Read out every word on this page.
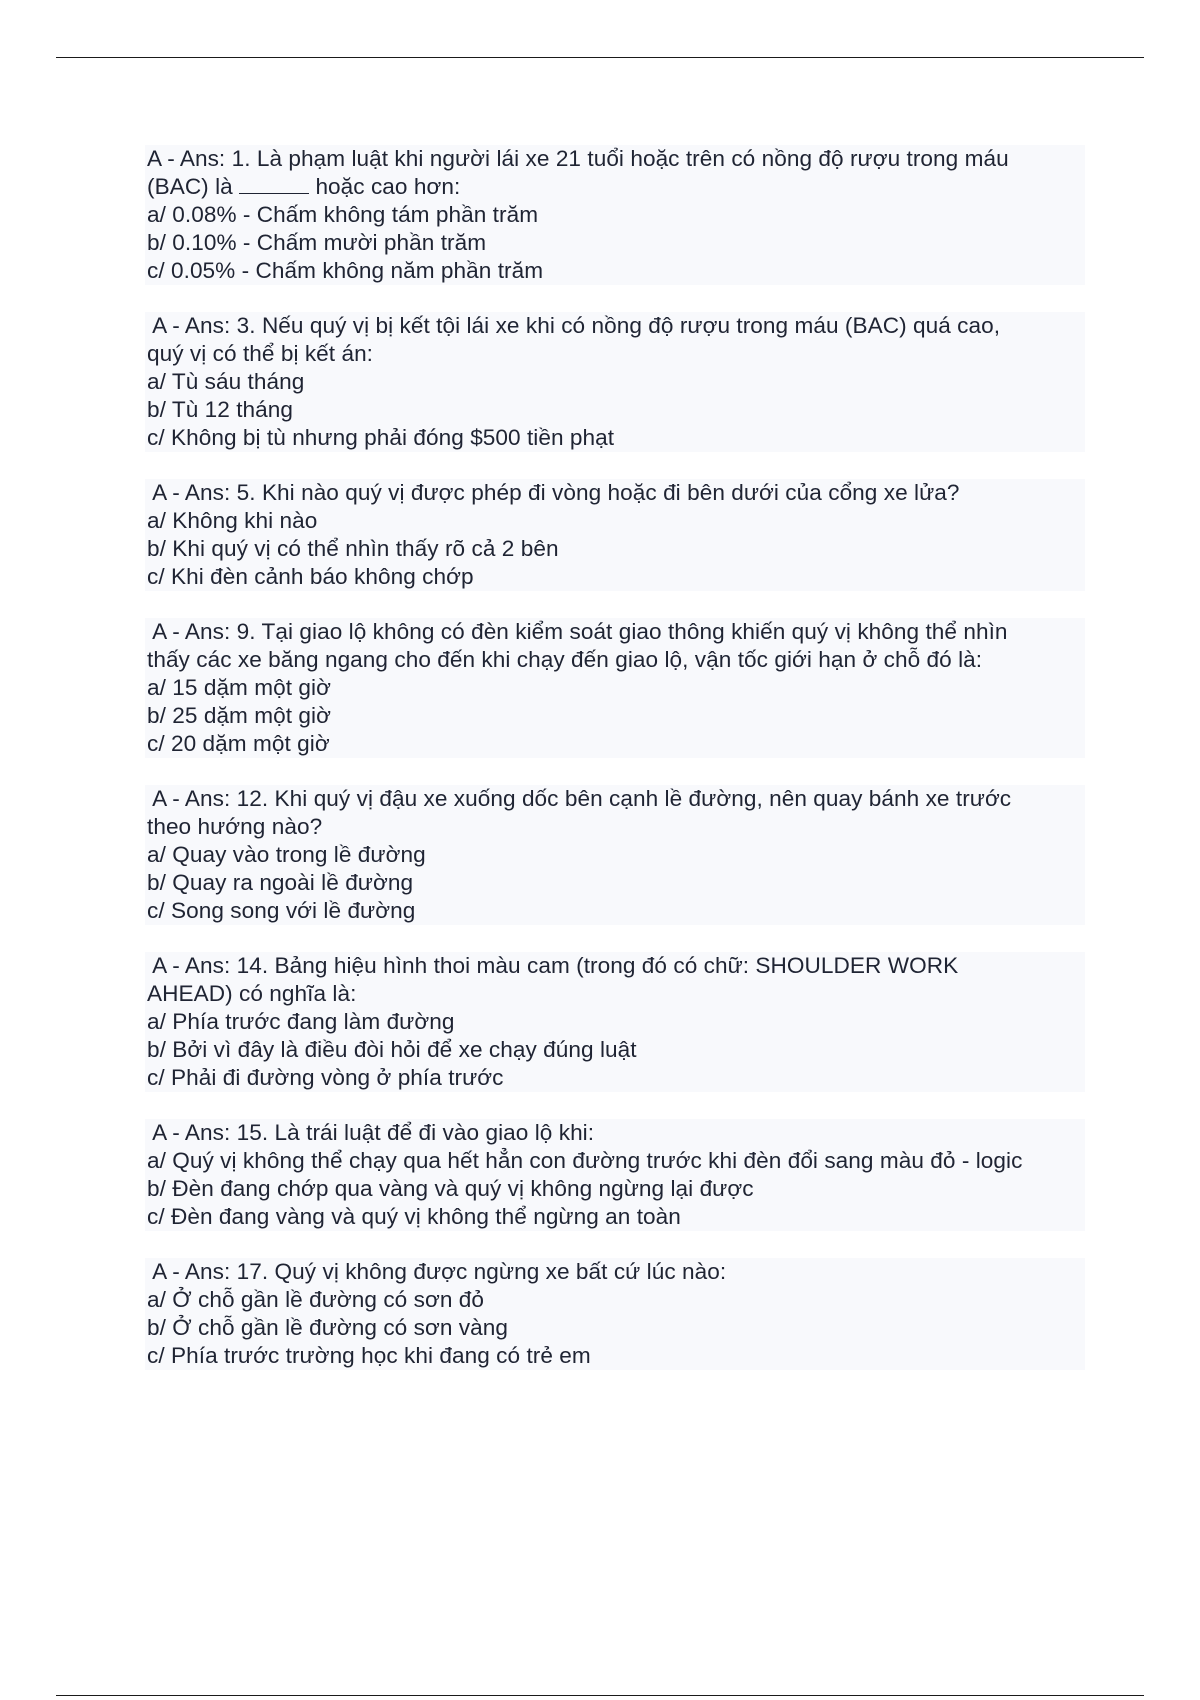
A - Ans: 1. Là phạm luật khi người lái xe 21 tuổi hoặc trên có nồng độ rượu trong máu
(BAC) là	hoặc cao hơn:
a/ 0.08% - Chấm không tám phần trăm
b/ 0.10% - Chấm mười phần trăm
c/ 0.05% - Chấm không năm phần trăm
A - Ans: 3. Nếu quý vị bị kết tội lái xe khi có nồng độ rượu trong máu (BAC) quá cao,
quý vị có thể bị kết án:
a/ Tù sáu tháng
b/ Tù 12 tháng
c/ Không bị tù nhưng phải đóng $500 tiền phạt
A - Ans: 5. Khi nào quý vị được phép đi vòng hoặc đi bên dưới của cổng xe lửa?
a/ Không khi nào
b/ Khi quý vị có thể nhìn thấy rõ cả 2 bên
c/ Khi đèn cảnh báo không chớp
A - Ans: 9. Tại giao lộ không có đèn kiểm soát giao thông khiến quý vị không thể nhìn
thấy các xe băng ngang cho đến khi chạy đến giao lộ, vận tốc giới hạn ở chỗ đó là:
a/ 15 dặm một giờ
b/ 25 dặm một giờ
c/ 20 dặm một giờ
A - Ans: 12. Khi quý vị đậu xe xuống dốc bên cạnh lề đường, nên quay bánh xe trước
theo hướng nào?
a/ Quay vào trong lề đường
b/ Quay ra ngoài lề đường
c/ Song song với lề đường
A - Ans: 14. Bảng hiệu hình thoi màu cam (trong đó có chữ: SHOULDER WORK
AHEAD) có nghĩa là:
a/ Phía trước đang làm đường
b/ Bởi vì đây là điều đòi hỏi để xe chạy đúng luật
c/ Phải đi đường vòng ở phía trước
A - Ans: 15. Là trái luật để đi vào giao lộ khi:
a/ Quý vị không thể chạy qua hết hẳn con đường trước khi đèn đổi sang màu đỏ - logic
b/ Đèn đang chớp qua vàng và quý vị không ngừng lại được
c/ Đèn đang vàng và quý vị không thể ngừng an toàn
A - Ans: 17. Quý vị không được ngừng xe bất cứ lúc nào:
a/ Ở chỗ gần lề đường có sơn đỏ
b/ Ở chỗ gần lề đường có sơn vàng
c/ Phía trước trường học khi đang có trẻ em
